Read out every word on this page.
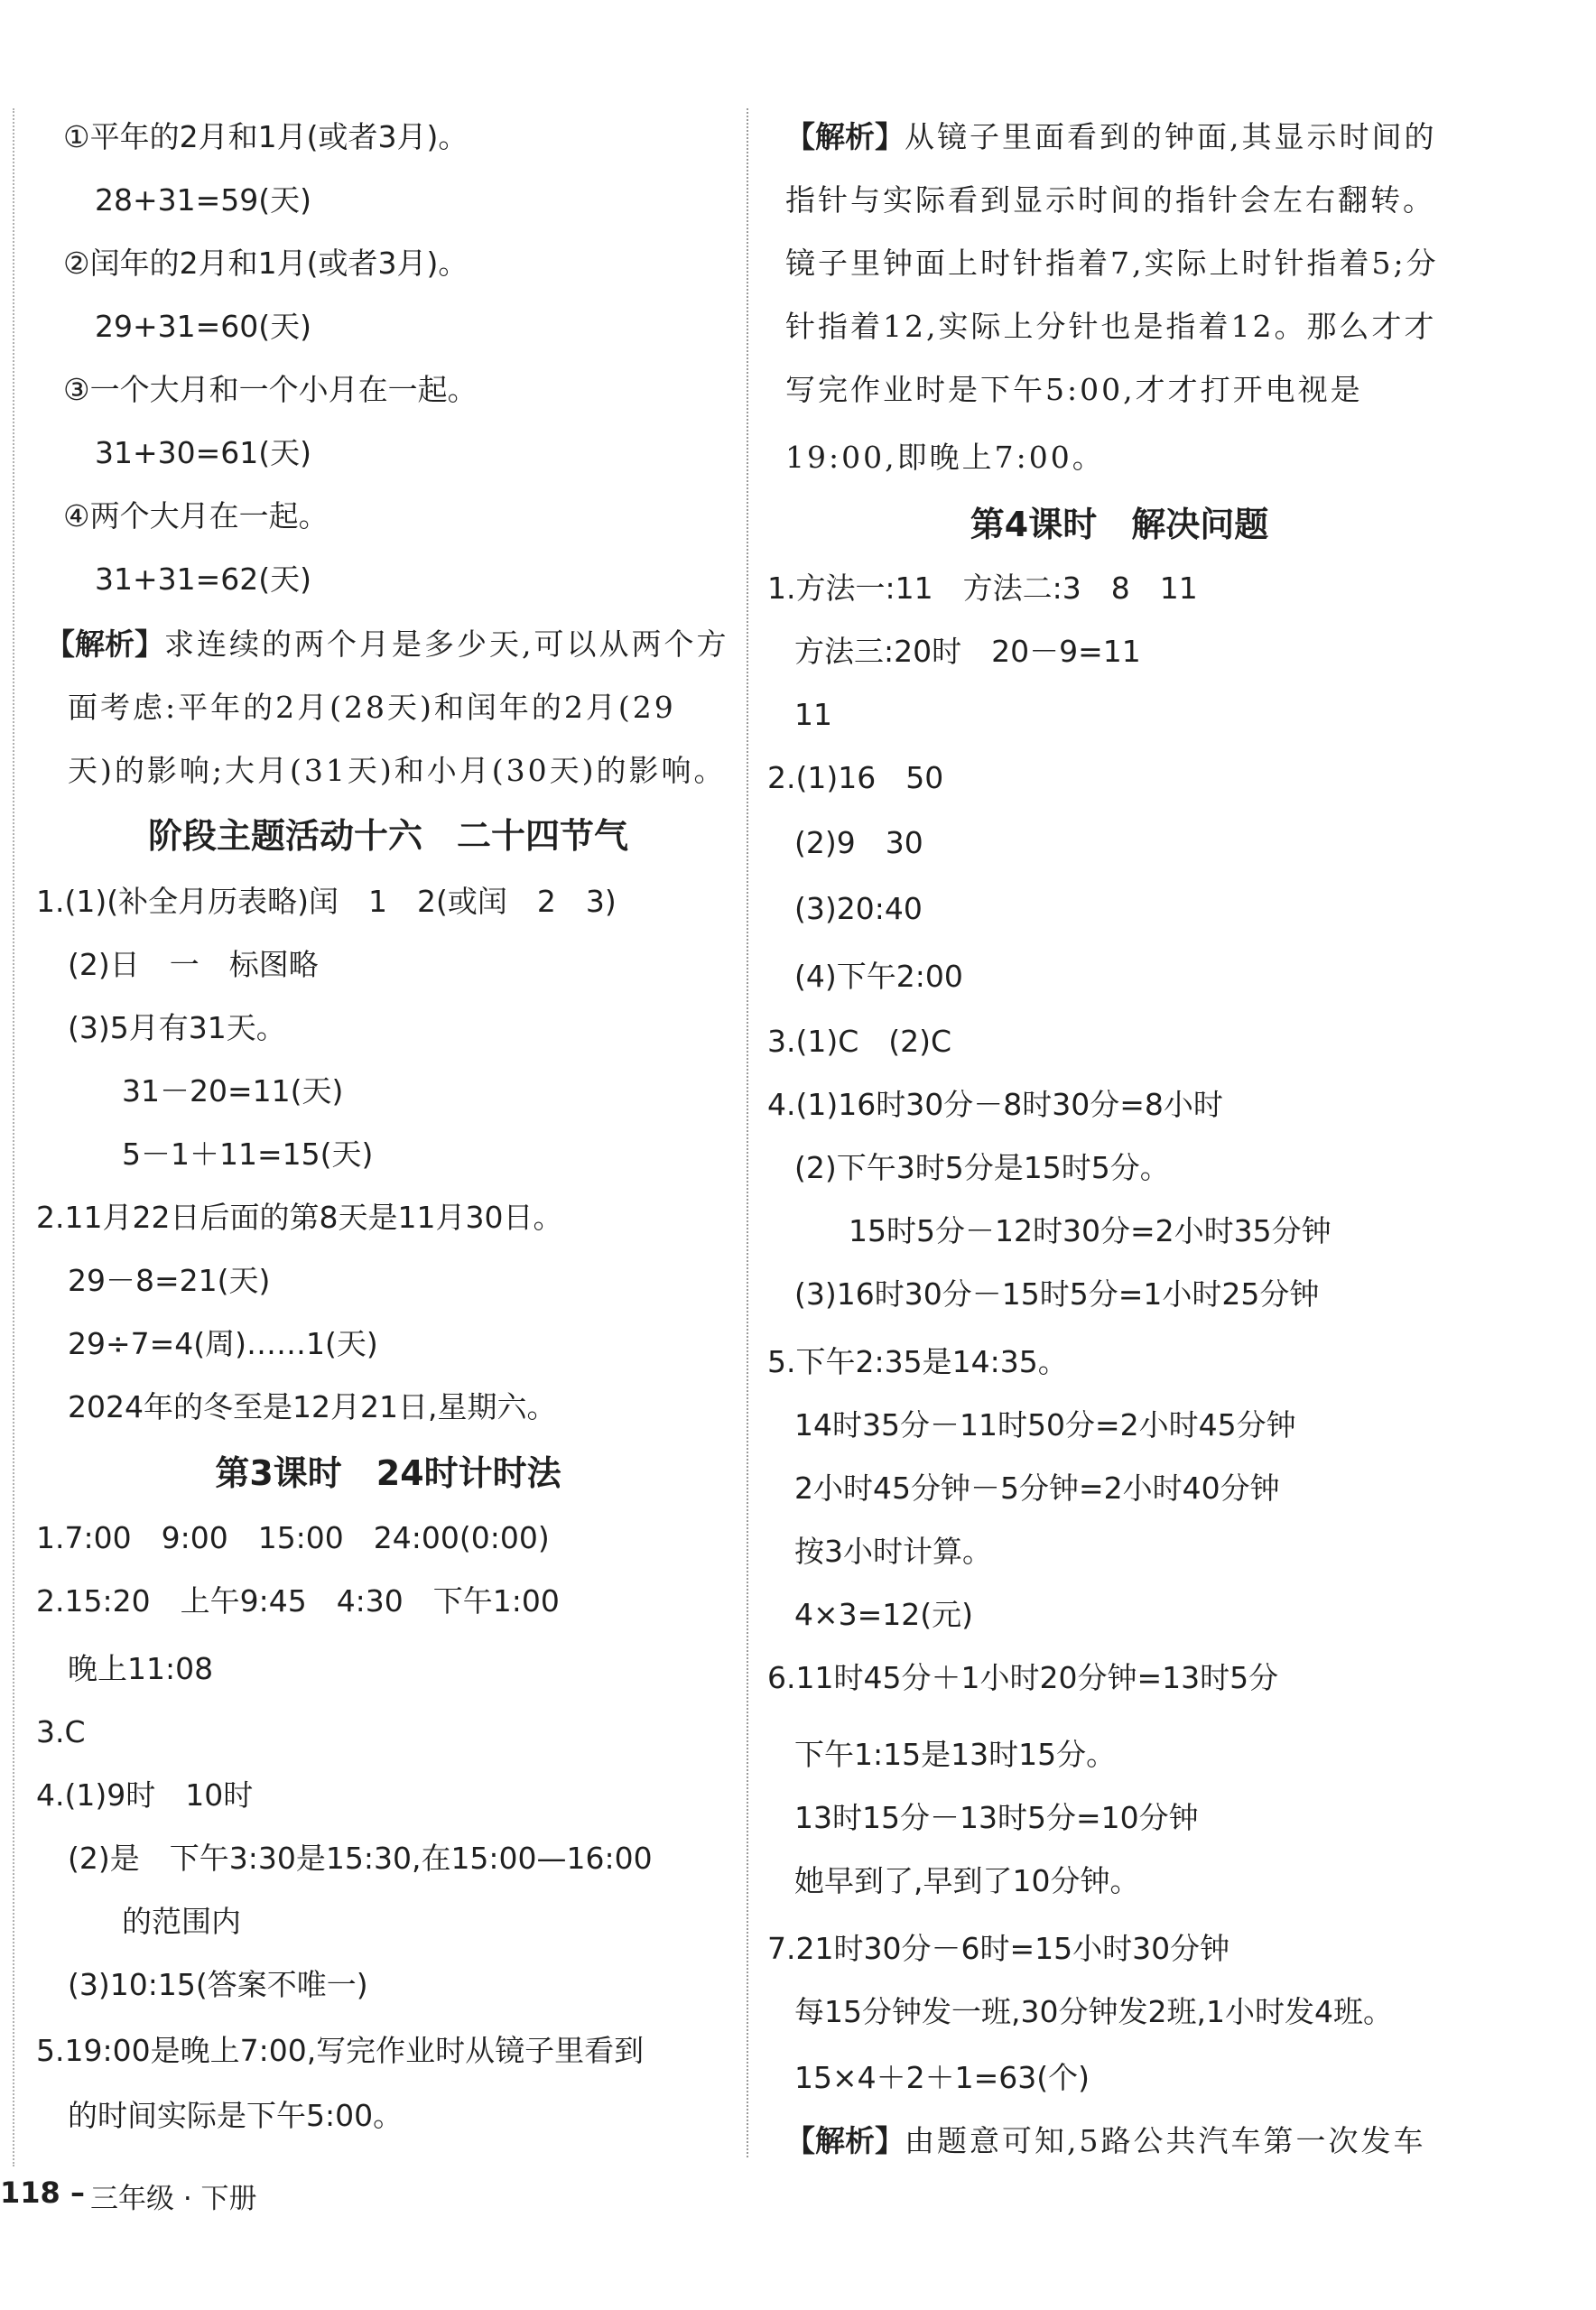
①平年的2月和1月(或者3月)。
28+31=59(天)
②闰年的2月和1月(或者3月)。
29+31=60(天)
③一个大月和一个小月在一起。
31+30=61(天)
④两个大月在一起。
31+31=62(天)
【解析】求连续的两个月是多少天,可以从两个方
面考虑:平年的2月(28天)和闰年的2月(29
天)的影响;大月(31天)和小月(30天)的影响。
1.(1)(补全月历表略)闰　1　2(或闰　2　3)
(2)日　一　标图略
(3)5月有31天。
31－20=11(天)
5－1＋11=15(天)
2.11月22日后面的第8天是11月30日。
29－8=21(天)
29÷7=4(周)……1(天)
2024年的冬至是12月21日,星期六。
1.7:00　9:00　15:00　24:00(0:00)
2.15:20　上午9:45　4:30　下午1:00
晚上11:08
3.C
4.(1)9时　10时
(2)是　下午3:30是15:30,在15:00—16:00
的范围内
(3)10:15(答案不唯一)
5.19:00是晚上7:00,写完作业时从镜子里看到
的时间实际是下午5:00。
阶段主题活动十六　二十四节气
第3课时　24时计时法
【解析】从镜子里面看到的钟面,其显示时间的
指针与实际看到显示时间的指针会左右翻转。
镜子里钟面上时针指着7,实际上时针指着5;分
针指着12,实际上分针也是指着12。那么才才
写完作业时是下午5:00,才才打开电视是
19:00,即晚上7:00。
1.方法一:11　方法二:3　8　11
方法三:20时　20－9=11
11
2.(1)16　50
(2)9　30
(3)20:40
(4)下午2:00
3.(1)C　(2)C
4.(1)16时30分－8时30分=8小时
(2)下午3时5分是15时5分。
15时5分－12时30分=2小时35分钟
(3)16时30分－15时5分=1小时25分钟
5.下午2:35是14:35。
14时35分－11时50分=2小时45分钟
2小时45分钟－5分钟=2小时40分钟
按3小时计算。
4×3=12(元)
6.11时45分＋1小时20分钟=13时5分
下午1:15是13时15分。
13时15分－13时5分=10分钟
她早到了,早到了10分钟。
7.21时30分－6时=15小时30分钟
每15分钟发一班,30分钟发2班,1小时发4班。
15×4＋2＋1=63(个)
【解析】由题意可知,5路公共汽车第一次发车
第4课时　解决问题
118 – 三年级 · 下册
